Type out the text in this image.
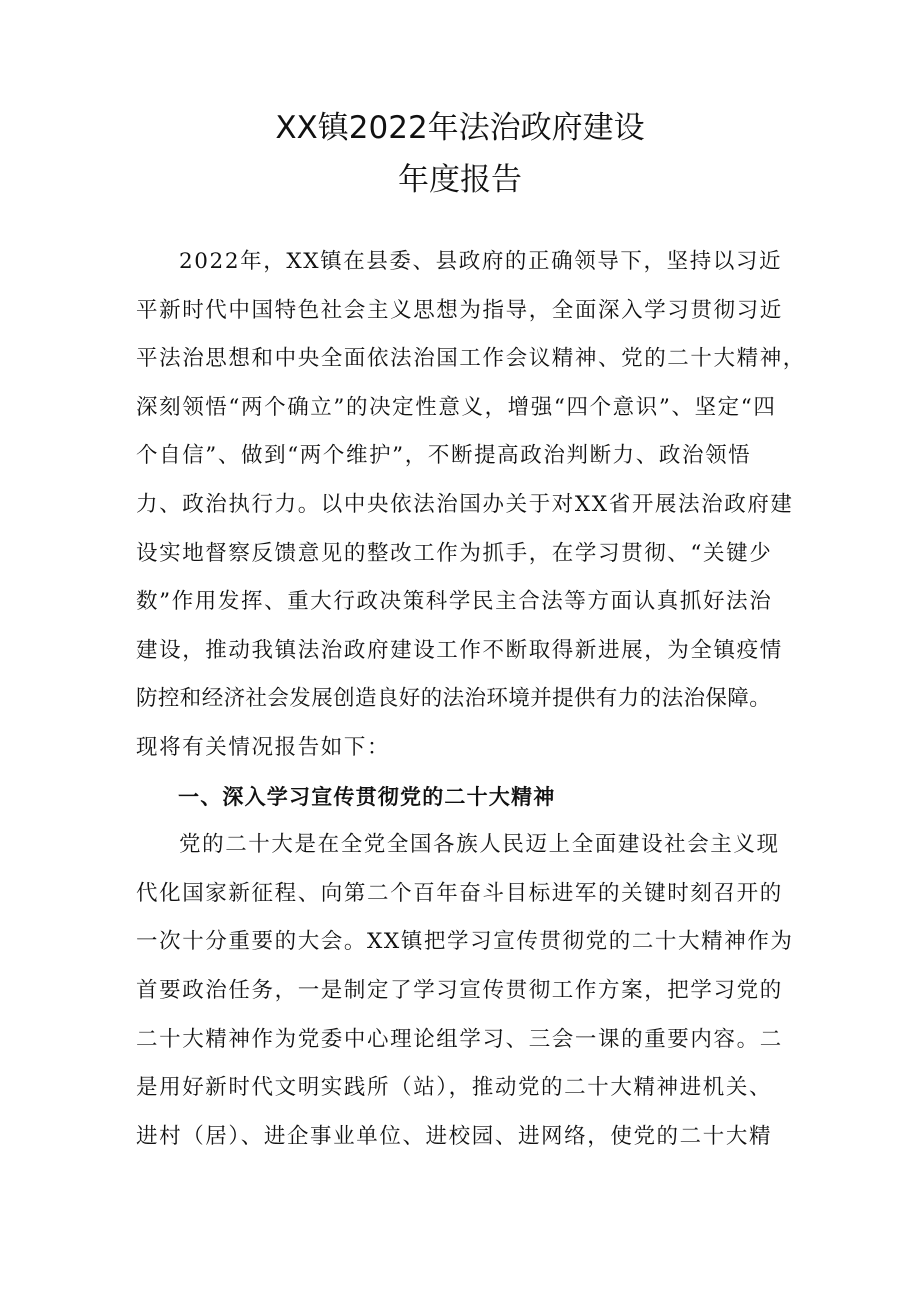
XX镇2022年法治政府建设
年度报告

2022年，XX镇在县委、县政府的正确领导下，坚持以习近
平新时代中国特色社会主义思想为指导，全面深入学习贯彻习近
平法治思想和中央全面依法治国工作会议精神、党的二十大精神，
深刻领悟“两个确立”的决定性意义，增强“四个意识”、坚定“四
个自信”、做到“两个维护”，不断提高政治判断力、政治领悟
力、政治执行力。以中央依法治国办关于对XX省开展法治政府建
设实地督察反馈意见的整改工作为抓手，在学习贯彻、“关键少
数”作用发挥、重大行政决策科学民主合法等方面认真抓好法治
建设，推动我镇法治政府建设工作不断取得新进展，为全镇疫情
防控和经济社会发展创造良好的法治环境并提供有力的法治保障。
现将有关情况报告如下：

一、深入学习宣传贯彻党的二十大精神

党的二十大是在全党全国各族人民迈上全面建设社会主义现
代化国家新征程、向第二个百年奋斗目标进军的关键时刻召开的
一次十分重要的大会。XX镇把学习宣传贯彻党的二十大精神作为
首要政治任务，一是制定了学习宣传贯彻工作方案，把学习党的
二十大精神作为党委中心理论组学习、三会一课的重要内容。二
是用好新时代文明实践所（站），推动党的二十大精神进机关、
进村（居）、进企事业单位、进校园、进网络，使党的二十大精
